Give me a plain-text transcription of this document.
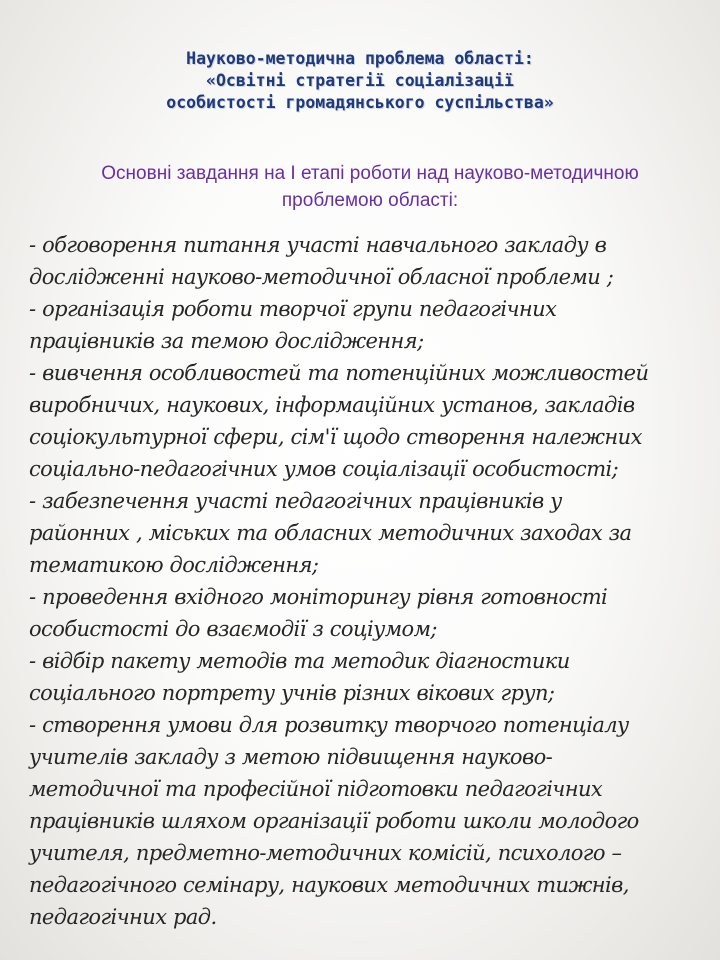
Науково-методична проблема області:
«Освітні стратегії соціалізації
особистості громадянського суспільства»
Основні завдання на І етапі роботи над науково-методичною
проблемою області:
- обговорення питання участі навчального закладу в
дослідженні науково-методичної обласної проблеми ;
- організація роботи творчої групи педагогічних
працівників за темою дослідження;
- вивчення особливостей та потенційних можливостей
виробничих, наукових, інформаційних установ, закладів
соціокультурної сфери, сім'ї щодо створення належних
соціально-педагогічних умов соціалізації особистості;
- забезпечення участі педагогічних працівників у
районних , міських та обласних методичних заходах за
тематикою дослідження;
- проведення вхідного моніторингу рівня готовності
особистості до взаємодії з соціумом;
- відбір пакету методів та методик діагностики
соціального портрету учнів різних вікових груп;
- створення умови для розвитку творчого потенціалу
учителів закладу з метою підвищення науково-
методичної та професійної підготовки педагогічних
працівників шляхом організації роботи школи молодого
учителя, предметно-методичних комісій, психолого –
педагогічного семінару, наукових методичних тижнів,
педагогічних рад.
